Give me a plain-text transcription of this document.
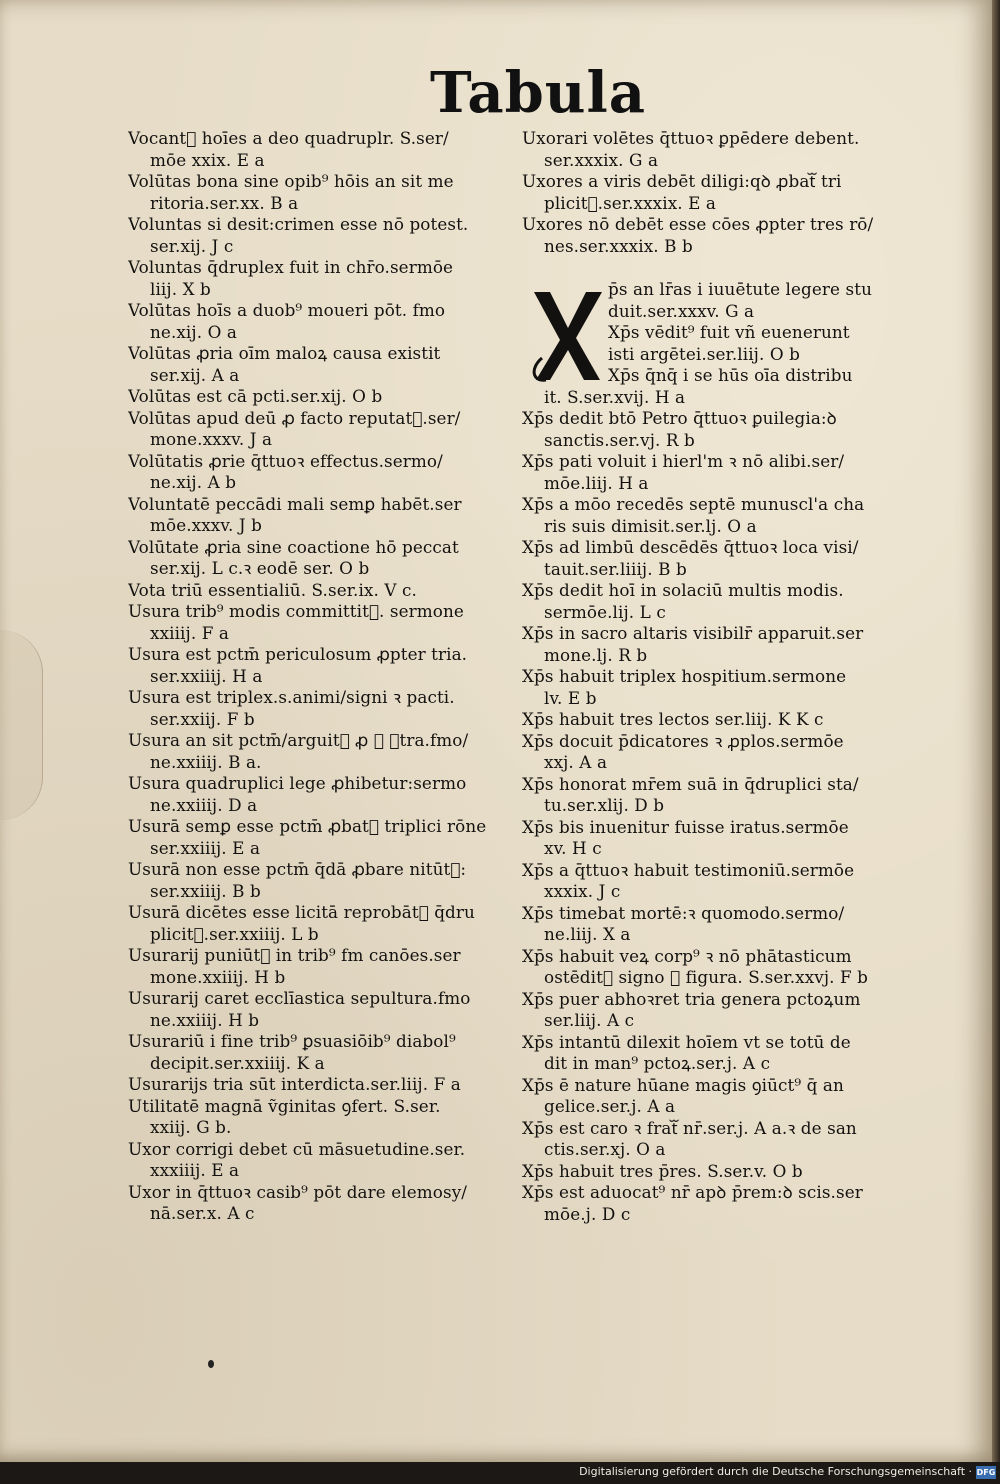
Tabula
Vocantᷓ hoīes a deo quadruplr. S.ser/
mōe xxix. E a
Volūtas bona sine opib⁹ hōis an sit me
ritoria.ser.xx. B a
Voluntas si desit:crimen esse nō potest.
ser.xij. J c
Voluntas q̄druplex fuit in chr̄o.sermōe
liij. X b
Volūtas hoīs a duob⁹ moueri pōt. fmo
ne.xij. O a
Volūtas ꝓria oīm maloꝝ causa existit
ser.xij. A a
Volūtas est cā pcti.ser.xij. O b
Volūtas apud deū ꝓ facto reputatᷓ.ser/
mone.xxxv. J a
Volūtatis ꝓrie q̄ttuoꝛ effectus.sermo/
ne.xij. A b
Voluntatē peccādi mali semꝑ habēt.ser
mōe.xxxv. J b
Volūtate ꝓria sine coactione hō peccat
ser.xij. L c.ꝛ eodē ser. O b
Vota triū essentialiū. S.ser.ix. V c.
Usura trib⁹ modis committitᷓ. sermone
xxiiij. F a
Usura est pctm̄ periculosum ꝓpter tria.
ser.xxiiij. H a
Usura est triplex.s.animi/signi ꝛ pacti.
ser.xxiij. F b
Usura an sit pctm̄/arguitᷓ ꝓ ꝛ ꝯtra.fmo/
ne.xxiiij. B a.
Usura quadruplici lege ꝓhibetur:sermo
ne.xxiiij. D a
Usurā semꝑ esse pctm̄ ꝓbatᷓ triplici rōne
ser.xxiiij. E a
Usurā non esse pctm̄ q̄dā ꝓbare nitūtᷓ:
ser.xxiiij. B b
Usurā dicētes esse licitā reprobātᷓ q̄dru
plicitᷓ.ser.xxiiij. L b
Usurarij puniūtᷓ in trib⁹ fm canōes.ser
mone.xxiiij. H b
Usurarij caret ecclīastica sepultura.fmo
ne.xxiiij. H b
Usurariū i fine trib⁹ ꝑsuasiōib⁹ diabol⁹
decipit.ser.xxiiij. K a
Usurarijs tria sūt interdicta.ser.liij. F a
Utilitatē magnā ṽginitas ꝯfert. S.ser.
xxiij. G b.
Uxor corrigi debet cū māsuetudine.ser.
xxxiiij. E a
Uxor in q̄ttuoꝛ casib⁹ pōt dare elemosy/
nā.ser.x. A c
Uxorari volētes q̄ttuoꝛ ꝑpēdere debent.
ser.xxxix. G a
Uxores a viris debēt diligi:qꝺ ꝓbatᷓ tri
plicitᷓ.ser.xxxix. E a
Uxores nō debēt esse cōes ꝓpter tres rō/
nes.ser.xxxix. B b
p̄s an lr̄as i iuuētute legere stu
duit.ser.xxxv. G a
Xp̄s vēdit⁹ fuit vñ euenerunt
isti argētei.ser.liij. O b
Xp̄s q̄nq̄ i se hūs oīa distribu
it. S.ser.xvij. H a
Xp̄s dedit btō Petro q̄ttuoꝛ ꝑuilegia:ꝺ
sanctis.ser.vj. R b
Xp̄s pati voluit i hierl'm ꝛ nō alibi.ser/
mōe.liij. H a
Xp̄s a mōo recedēs septē munuscl'a cha
ris suis dimisit.ser.lj. O a
Xp̄s ad limbū descēdēs q̄ttuoꝛ loca visi/
tauit.ser.liiij. B b
Xp̄s dedit hoī in solaciū multis modis.
sermōe.lij. L c
Xp̄s in sacro altaris visibilr̄ apparuit.ser
mone.lj. R b
Xp̄s habuit triplex hospitium.sermone
lv. E b
Xp̄s habuit tres lectos ser.liij. K K c
Xp̄s docuit p̄dicatores ꝛ ꝓplos.sermōe
xxj. A a
Xp̄s honorat mr̄em suā in q̄druplici sta/
tu.ser.xlij. D b
Xp̄s bis inuenitur fuisse iratus.sermōe
xv. H c
Xp̄s a q̄ttuoꝛ habuit testimoniū.sermōe
xxxix. J c
Xp̄s timebat mortē:ꝛ quomodo.sermo/
ne.liij. X a
Xp̄s habuit veꝝ corp⁹ ꝛ nō phātasticum
ostēditᷓ signo ꝛ figura. S.ser.xxvj. F b
Xp̄s puer abhoꝛret tria genera pctoꝝum
ser.liij. A c
Xp̄s intantū dilexit hoīem vt se totū de
dit in man⁹ pctoꝝ.ser.j. A c
Xp̄s ē nature hūane magis ꝯiūct⁹ q̄ an
gelice.ser.j. A a
Xp̄s est caro ꝛ fratᷓ nr̄.ser.j. A a.ꝛ de san
ctis.ser.xj. O a
Xp̄s habuit tres p̄res. S.ser.v. O b
Xp̄s est aduocat⁹ nr̄ apꝺ p̄rem:ꝺ scis.ser
mōe.j. D c
Digitalisierung gefördert durch die Deutsche Forschungsgemeinschaft · DFG
